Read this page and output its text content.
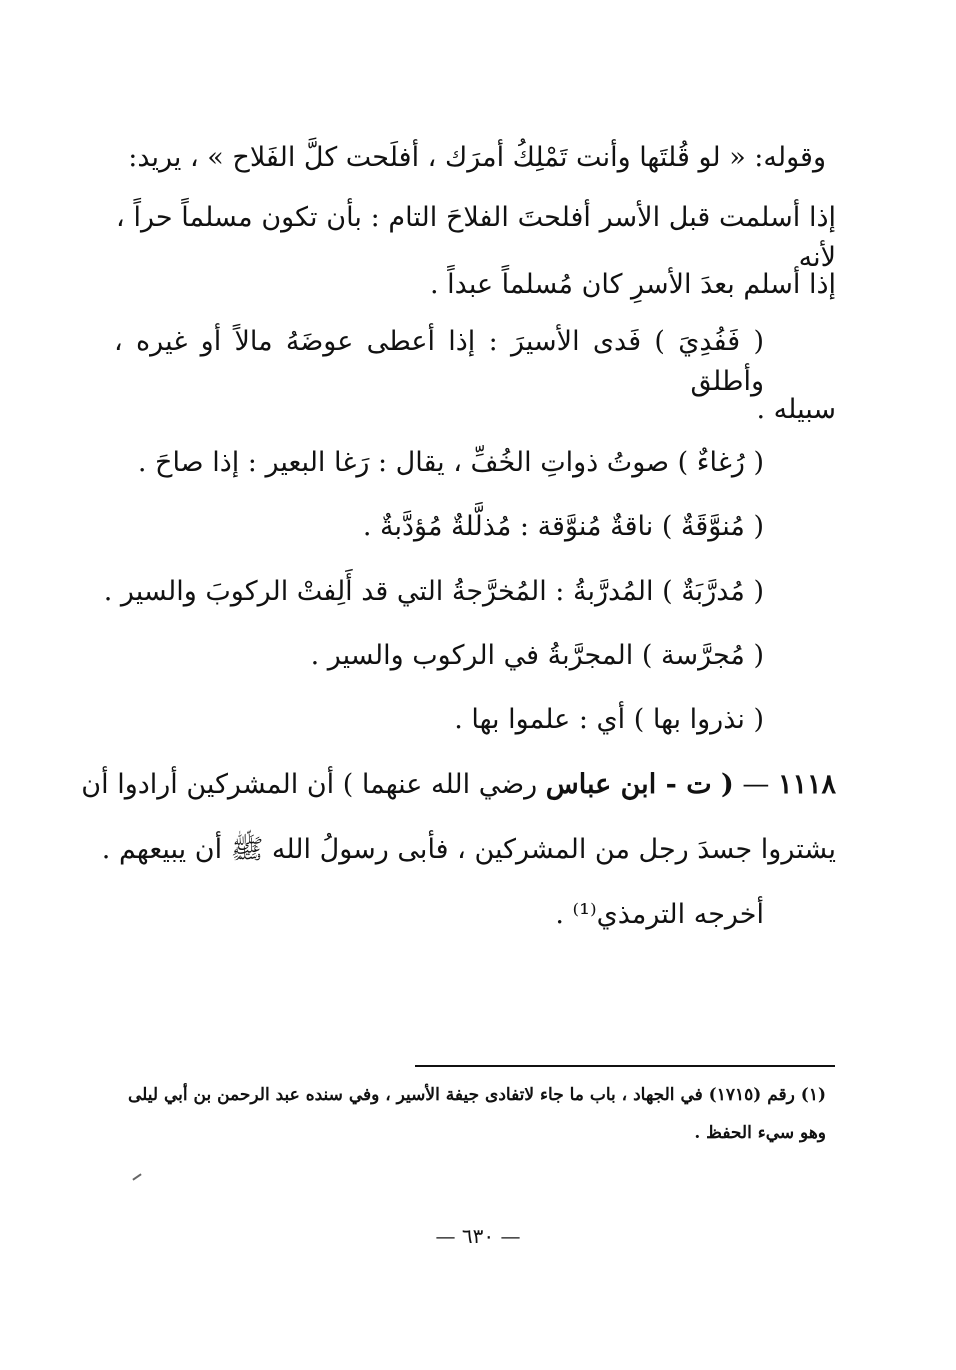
وقوله: « لو قُلتَها وأنت تَمْلِكُ أمرَك ، أفلَحت كلَّ الفَلاح » ، يريد:
إذا أسلمت قبل الأسر أفلحتَ الفلاحَ التام : بأن تكون مسلماً حراً ، لأنه
إذا أسلم بعدَ الأسرِ كان مُسلماً عبداً .
( فَفُدِيَ ) فَدى الأسيرَ : إذا أعطى عوضَهُ مالاً أو غيره ، وأطلق
سبيله .
( رُغاءٌ ) صوتُ ذواتِ الخُفِّ ، يقال : رَغا البعير : إذا صاحَ .
( مُنوَّقَةٌ ) ناقةٌ مُنوَّقة : مُذلَّلةٌ مُؤدَّبةٌ .
( مُدرَّبَةٌ ) المُدرَّبةُ : المُخرَّجةُ التي قد أَلِفتْ الركوبَ والسير .
( مُجرَّسة ) المجرَّبةُ في الركوب والسير .
( نذروا بها ) أي : علموا بها .
١١١٨ — ( ت - ابن عباس رضي الله عنهما ) أن المشركين أرادوا أن
يشتروا جسدَ رجل من المشركين ، فأبى رسولُ الله ﷺ أن يبيعهم .
أخرجه الترمذي⁽¹⁾ .
(١) رقم (١٧١٥) في الجهاد ، باب ما جاء لاتفادى جيفة الأسير ، وفي سنده عبد الرحمن بن أبي ليلى
وهو سيء الحفظ .
— ٦٣٠ —
